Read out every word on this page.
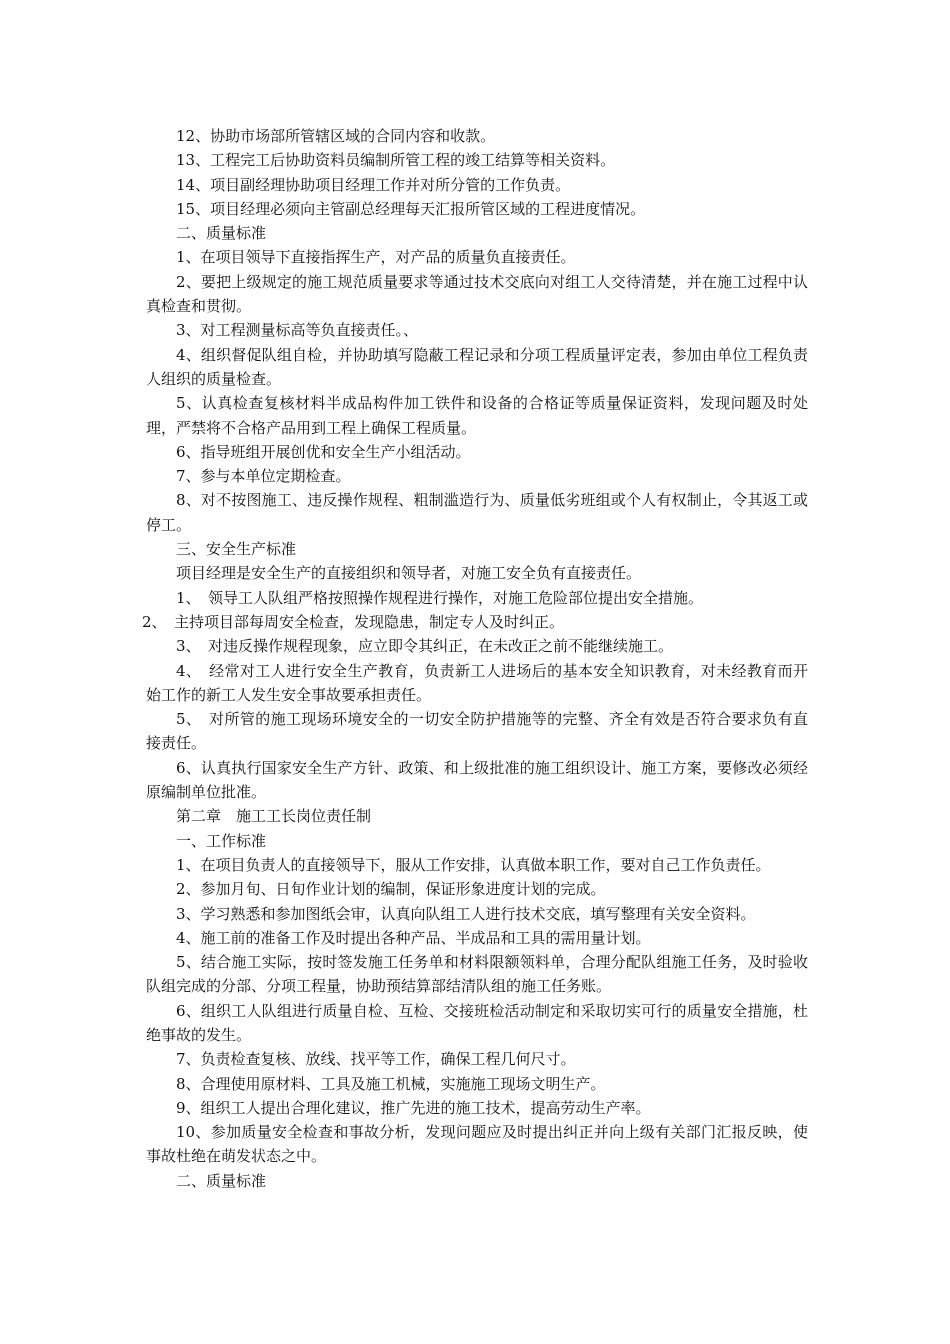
12、协助市场部所管辖区域的合同内容和收款。

13、工程完工后协助资料员编制所管工程的竣工结算等相关资料。

14、项目副经理协助项目经理工作并对所分管的工作负责。

15、项目经理必须向主管副总经理每天汇报所管区域的工程进度情况。

二、质量标准

1、在项目领导下直接指挥生产，对产品的质量负直接责任。

2、要把上级规定的施工规范质量要求等通过技术交底向对组工人交待清楚，并在施工过程中认真检查和贯彻。

3、对工程测量标高等负直接责任。、

4、组织督促队组自检，并协助填写隐蔽工程记录和分项工程质量评定表，参加由单位工程负责人组织的质量检查。

5、认真检查复核材料半成品构件加工铁件和设备的合格证等质量保证资料，发现问题及时处理，严禁将不合格产品用到工程上确保工程质量。

6、指导班组开展创优和安全生产小组活动。

7、参与本单位定期检查。

8、对不按图施工、违反操作规程、粗制滥造行为、质量低劣班组或个人有权制止，令其返工或停工。

三、安全生产标准

项目经理是安全生产的直接组织和领导者，对施工安全负有直接责任。

1、　领导工人队组严格按照操作规程进行操作，对施工危险部位提出安全措施。

2、　主持项目部每周安全检查，发现隐患，制定专人及时纠正。

3、　对违反操作规程现象，应立即令其纠正，在未改正之前不能继续施工。

4、　经常对工人进行安全生产教育，负责新工人进场后的基本安全知识教育，对未经教育而开始工作的新工人发生安全事故要承担责任。

5、　对所管的施工现场环境安全的一切安全防护措施等的完整、齐全有效是否符合要求负有直接责任。

6、认真执行国家安全生产方针、政策、和上级批准的施工组织设计、施工方案，要修改必须经原编制单位批准。

第二章　施工工长岗位责任制

一、工作标准

1、在项目负责人的直接领导下，服从工作安排，认真做本职工作，要对自己工作负责任。

2、参加月旬、日旬作业计划的编制，保证形象进度计划的完成。

3、学习熟悉和参加图纸会审，认真向队组工人进行技术交底，填写整理有关安全资料。

4、施工前的准备工作及时提出各种产品、半成品和工具的需用量计划。

5、结合施工实际，按时签发施工任务单和材料限额领料单，合理分配队组施工任务，及时验收队组完成的分部、分项工程量，协助预结算部结清队组的施工任务账。

6、组织工人队组进行质量自检、互检、交接班检活动制定和采取切实可行的质量安全措施，杜绝事故的发生。

7、负责检查复核、放线、找平等工作，确保工程几何尺寸。

8、合理使用原材料、工具及施工机械，实施施工现场文明生产。

9、组织工人提出合理化建议，推广先进的施工技术，提高劳动生产率。

10、参加质量安全检查和事故分析，发现问题应及时提出纠正并向上级有关部门汇报反映，使事故杜绝在萌发状态之中。

二、质量标准
